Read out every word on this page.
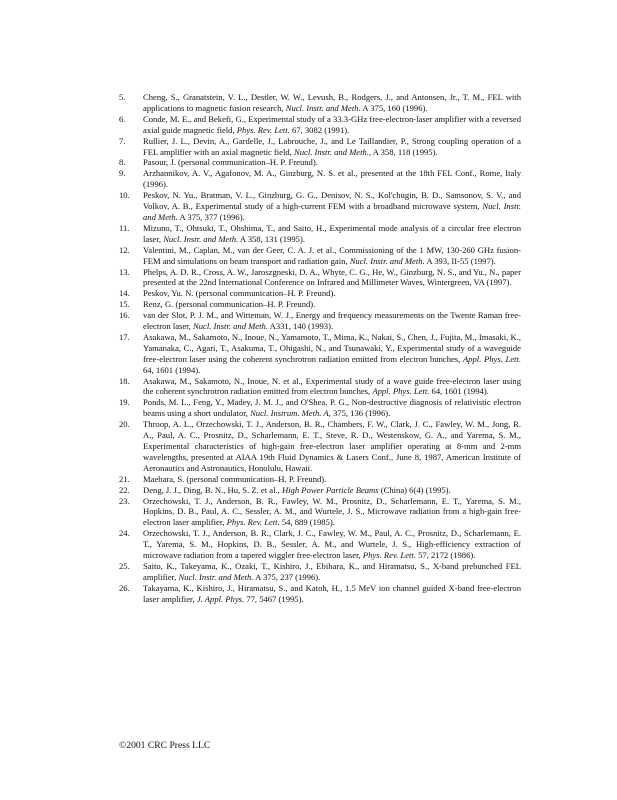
5.	Cheng, S., Granatstein, V. L., Destler, W. W., Levush, B., Rodgers, J., and Antonsen, Jr., T. M., FEL with applications to magnetic fusion research, Nucl. Instr. and Meth. A 375, 160 (1996).
6.	Conde, M. E., and Bekefi, G., Experimental study of a 33.3-GHz free-electron-laser amplifier with a reversed axial guide magnetic field, Phys. Rev. Lett. 67, 3082 (1991).
7.	Rullier, J. L., Devin, A., Gardelle, J., Labrouche, J., and Le Taillandier, P., Strong coupling operation of a FEL amplifier with an axial magnetic field, Nucl. Instr. and Meth., A 358, 118 (1995).
8.	Pasour, J. (personal communication–H. P. Freund).
9.	Arzhannikov, A. V., Agafonov, M. A., Ginzburg, N. S. et al., presented at the 18th FEL Conf., Rome, Italy (1996).
10.	Peskov, N. Yu., Bratman, V. L., Ginzburg, G. G., Denisov, N. S., Kol'chugin, B. D., Samsonov, S. V., and Volkov, A. B., Experimental study of a high-current FEM with a broadband microwave system, Nucl. Instr. and Meth. A 375, 377 (1996).
11.	Mizuno, T., Ohtsuki, T., Ohshima, T., and Saito, H., Experimental mode analysis of a circular free electron laser, Nucl. Instr. and Meth. A 358, 131 (1995).
12.	Valentini, M., Caplan, M., van der Geer, C. A. J. et al., Commissioning of the 1 MW, 130-260 GHz fusion-FEM and simulations on beam transport and radiation gain, Nucl. Instr. and Meth. A 393, II-55 (1997).
13.	Phelps, A. D. R., Cross, A. W., Jaroszgneski, D. A., Whyte, C. G., He, W., Ginzburg, N. S., and Yu., N., paper presented at the 22nd International Conference on Infrared and Millimeter Waves, Wintergreen, VA (1997).
14.	Peskov, Yu. N. (personal communication–H. P. Freund).
15.	Renz, G. (personal communication–H. P. Freund).
16.	van der Slot, P. J. M., and Witteman, W. J., Energy and frequency measurements on the Twente Raman free-electron laser, Nucl. Instr. and Meth. A331, 140 (1993).
17.	Asakawa, M., Sakamoto, N., Inoue, N., Yamamoto, T., Mima, K., Nakai, S., Chen, J., Fujita, M., Imasaki, K., Yamanaka, C., Agari, T., Asakuma, T., Ohigashi, N., and Tsunawaki, Y., Experimental study of a waveguide free-electron laser using the coherent synchrotron radiation emitted from electron bunches, Appl. Phys. Lett. 64, 1601 (1994).
18.	Asakawa, M., Sakamoto, N., Inoue, N. et al., Experimental study of a wave guide free-electron laser using the coherent synchrotron radiation emitted from electron bunches, Appl. Phys. Lett. 64, 1601 (1994).
19.	Ponds, M. L., Feng, Y., Madey, J. M. J., and O'Shea, P. G., Non-destructive diagnosis of relativistic electron beams using a short undulator, Nucl. Instrum. Meth. A, 375, 136 (1996).
20.	Throop, A. L., Orzechowski, T. J., Anderson, B. R., Chambers, F. W., Clark, J. C., Fawley, W. M., Jong, R. A., Paul, A. C., Prosnitz, D., Scharlemann, E. T., Steve, R. D., Westenskow, G. A., and Yarema, S. M., Experimental characteristics of high-gain free-electron laser amplifier operating at 8-mm and 2-mm wavelengths, presented at AIAA 19th Fluid Dynamics & Lasers Conf., June 8, 1987, American Institute of Aeronautics and Astronautics, Honolulu, Hawaii.
21.	Maebara, S. (personal communication–H. P. Freund).
22.	Deng, J. J., Ding, B. N., Hu, S. Z. et al., High Power Particle Beams (China) 6(4) (1995).
23.	Orzechowski, T. J., Anderson, B. R., Fawley, W. M., Prosnitz, D., Scharlemann, E. T., Yarema, S. M., Hopkins, D. B., Paul, A. C., Sessler, A. M., and Wurtele, J. S., Microwave radiation from a high-gain free-electron laser amplifier, Phys. Rev. Lett. 54, 889 (1985).
24.	Orzechowski, T. J., Anderson, B. R., Clark, J. C., Fawley, W. M., Paul, A. C., Prosnitz, D., Scharlemann, E. T., Yarema, S. M., Hopkins, D. B., Sessler, A. M., and Wurtele, J. S., High-efficiency extraction of microwave radiation from a tapered wiggler free-electron laser, Phys. Rev. Lett. 57, 2172 (1986).
25.	Saito, K., Takeyama, K., Ozaki, T., Kishiro, J., Ebihara, K., and Hiramatsu, S., X-band prebunched FEL amplifier, Nucl. Instr. and Meth. A 375, 237 (1996).
26.	Takayama, K., Kishiro, J., Hiramatsu, S., and Katoh, H., 1.5 MeV ion channel guided X-band free-electron laser amplifier, J. Appl. Phys. 77, 5467 (1995).
©2001 CRC Press LLC
